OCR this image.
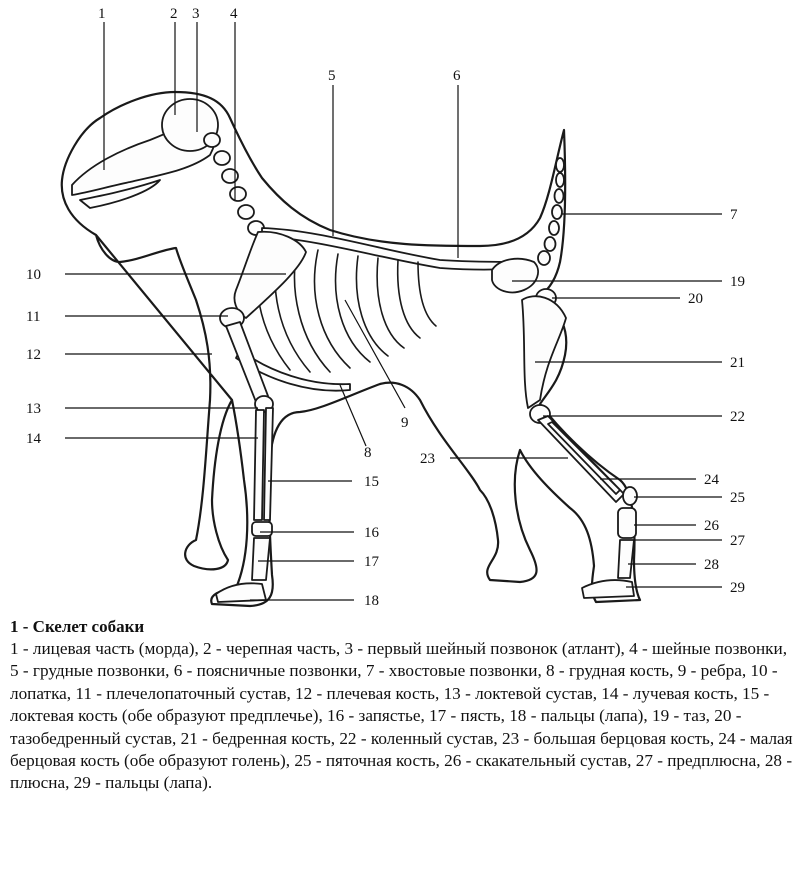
1	2 3 4
5	6
7
8
9
10
11
12
13
14
15
16
17
18
19
20
21
22
23
24
25
26
27
28
29

1 - Скелет собаки

1 - лицевая часть (морда), 2 - черепная часть, 3 - первый шейный позвонок (атлант), 4 - шейные позвонки, 5 - грудные позвонки, 6 - поясничные позвонки, 7 - хвостовые позвонки, 8 - грудная кость, 9 - ребра, 10 - лопатка, 11 - плечелопаточный сустав, 12 - плечевая кость, 13 - локтевой сустав, 14 - лучевая кость, 15 - локтевая кость (обе образуют предплечье), 16 - запястье, 17 - пясть, 18 - пальцы (лапа), 19 - таз, 20 - тазобедренный сустав, 21 - бедренная кость, 22 - коленный сустав, 23 - большая берцовая кость, 24 - малая берцовая кость (обе образуют голень), 25 - пяточная кость, 26 - скакательный сустав, 27 - предплюсна, 28 - плюсна, 29 - пальцы (лапа).
